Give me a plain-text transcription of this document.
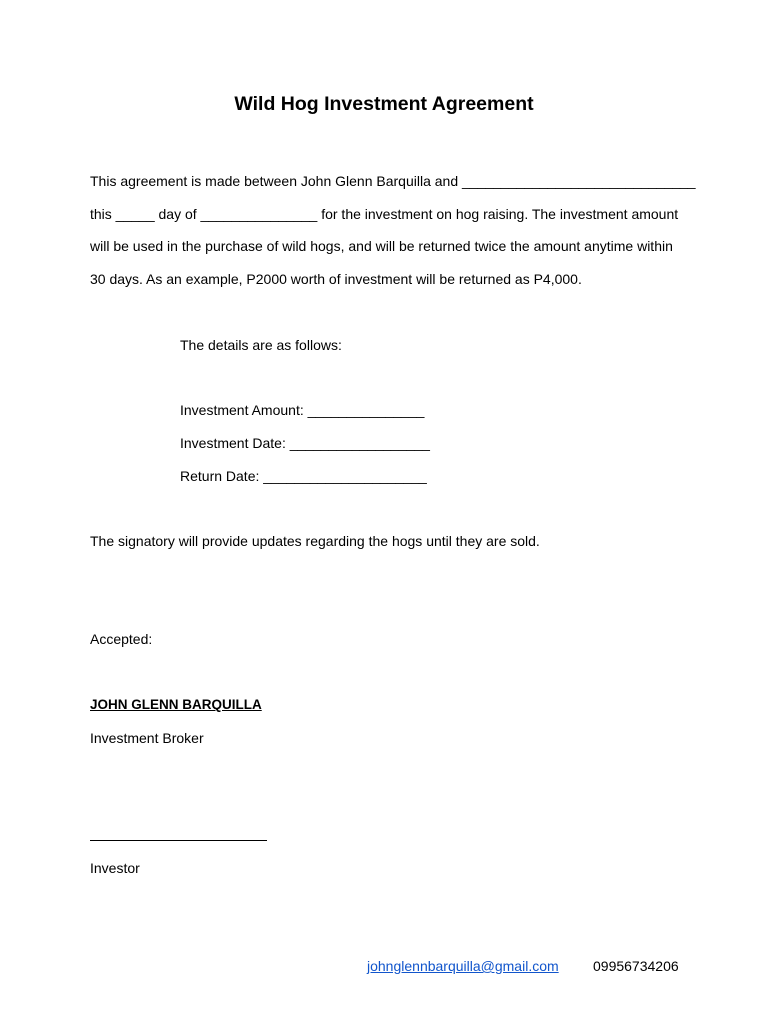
Wild Hog Investment Agreement
This agreement is made between John Glenn Barquilla and ______________________________
this _____ day of _______________ for the investment on hog raising. The investment amount
will be used in the purchase of wild hogs, and will be returned twice the amount anytime within
30 days. As an example, P2000 worth of investment will be returned as P4,000.

The details are as follows:

Investment Amount: _______________

Investment Date: __________________

Return Date: _____________________

The signatory will provide updates regarding the hogs until they are sold.

Accepted:

JOHN GLENN BARQUILLA

Investment Broker

Investor

johnglennbarquilla@gmail.com 09956734206
